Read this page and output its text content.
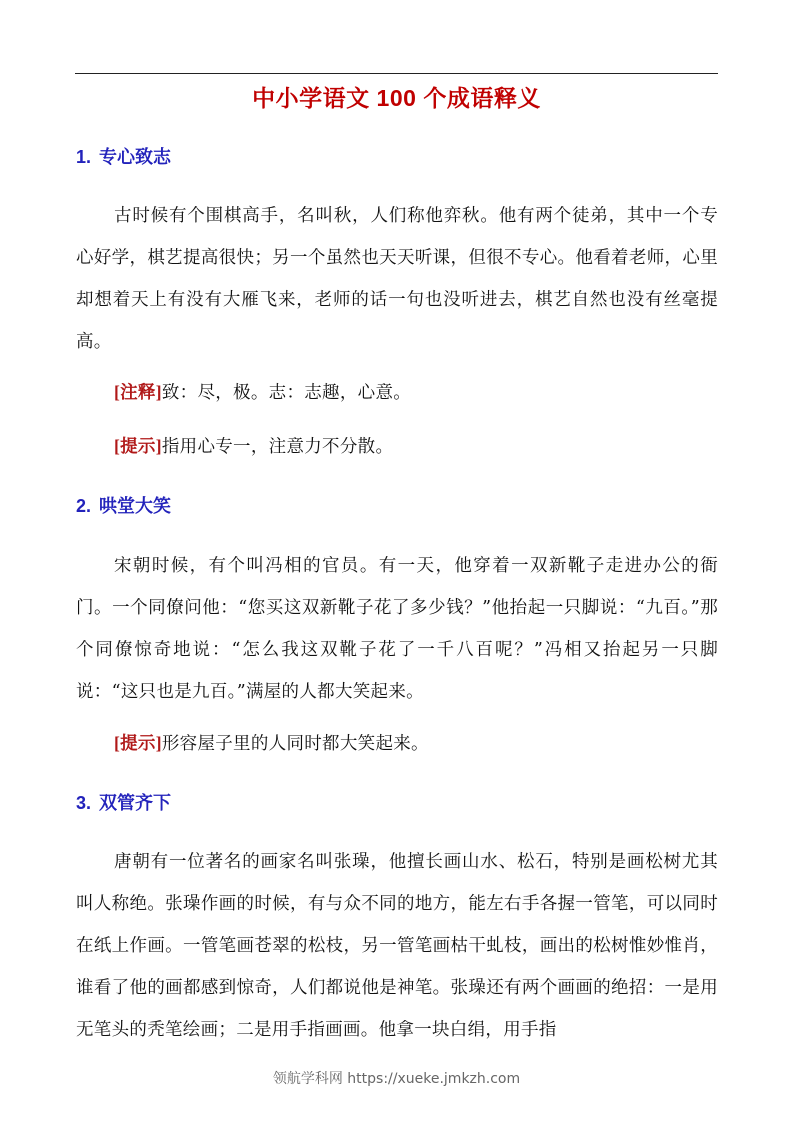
中小学语文 100 个成语释义
1. 专心致志
古时候有个围棋高手，名叫秋，人们称他弈秋。他有两个徒弟，其中一个专心好学，棋艺提高很快；另一个虽然也天天听课，但很不专心。他看着老师，心里却想着天上有没有大雁飞来，老师的话一句也没听进去，棋艺自然也没有丝毫提高。
[注释]致：尽，极。志：志趣，心意。
[提示]指用心专一，注意力不分散。
2. 哄堂大笑
宋朝时候，有个叫冯相的官员。有一天，他穿着一双新靴子走进办公的衙门。一个同僚问他：“您买这双新靴子花了多少钱？”他抬起一只脚说：“九百。”那个同僚惊奇地说：“怎么我这双靴子花了一千八百呢？”冯相又抬起另一只脚说：“这只也是九百。”满屋的人都大笑起来。
[提示]形容屋子里的人同时都大笑起来。
3. 双管齐下
唐朝有一位著名的画家名叫张璪，他擅长画山水、松石，特别是画松树尤其叫人称绝。张璪作画的时候，有与众不同的地方，能左右手各握一管笔，可以同时在纸上作画。一管笔画苍翠的松枝，另一管笔画枯干虬枝，画出的松树惟妙惟肖，谁看了他的画都感到惊奇，人们都说他是神笔。张璪还有两个画画的绝招：一是用无笔头的秃笔绘画；二是用手指画画。他拿一块白绢，用手指
领航学科网 https://xueke.jmkzh.com
